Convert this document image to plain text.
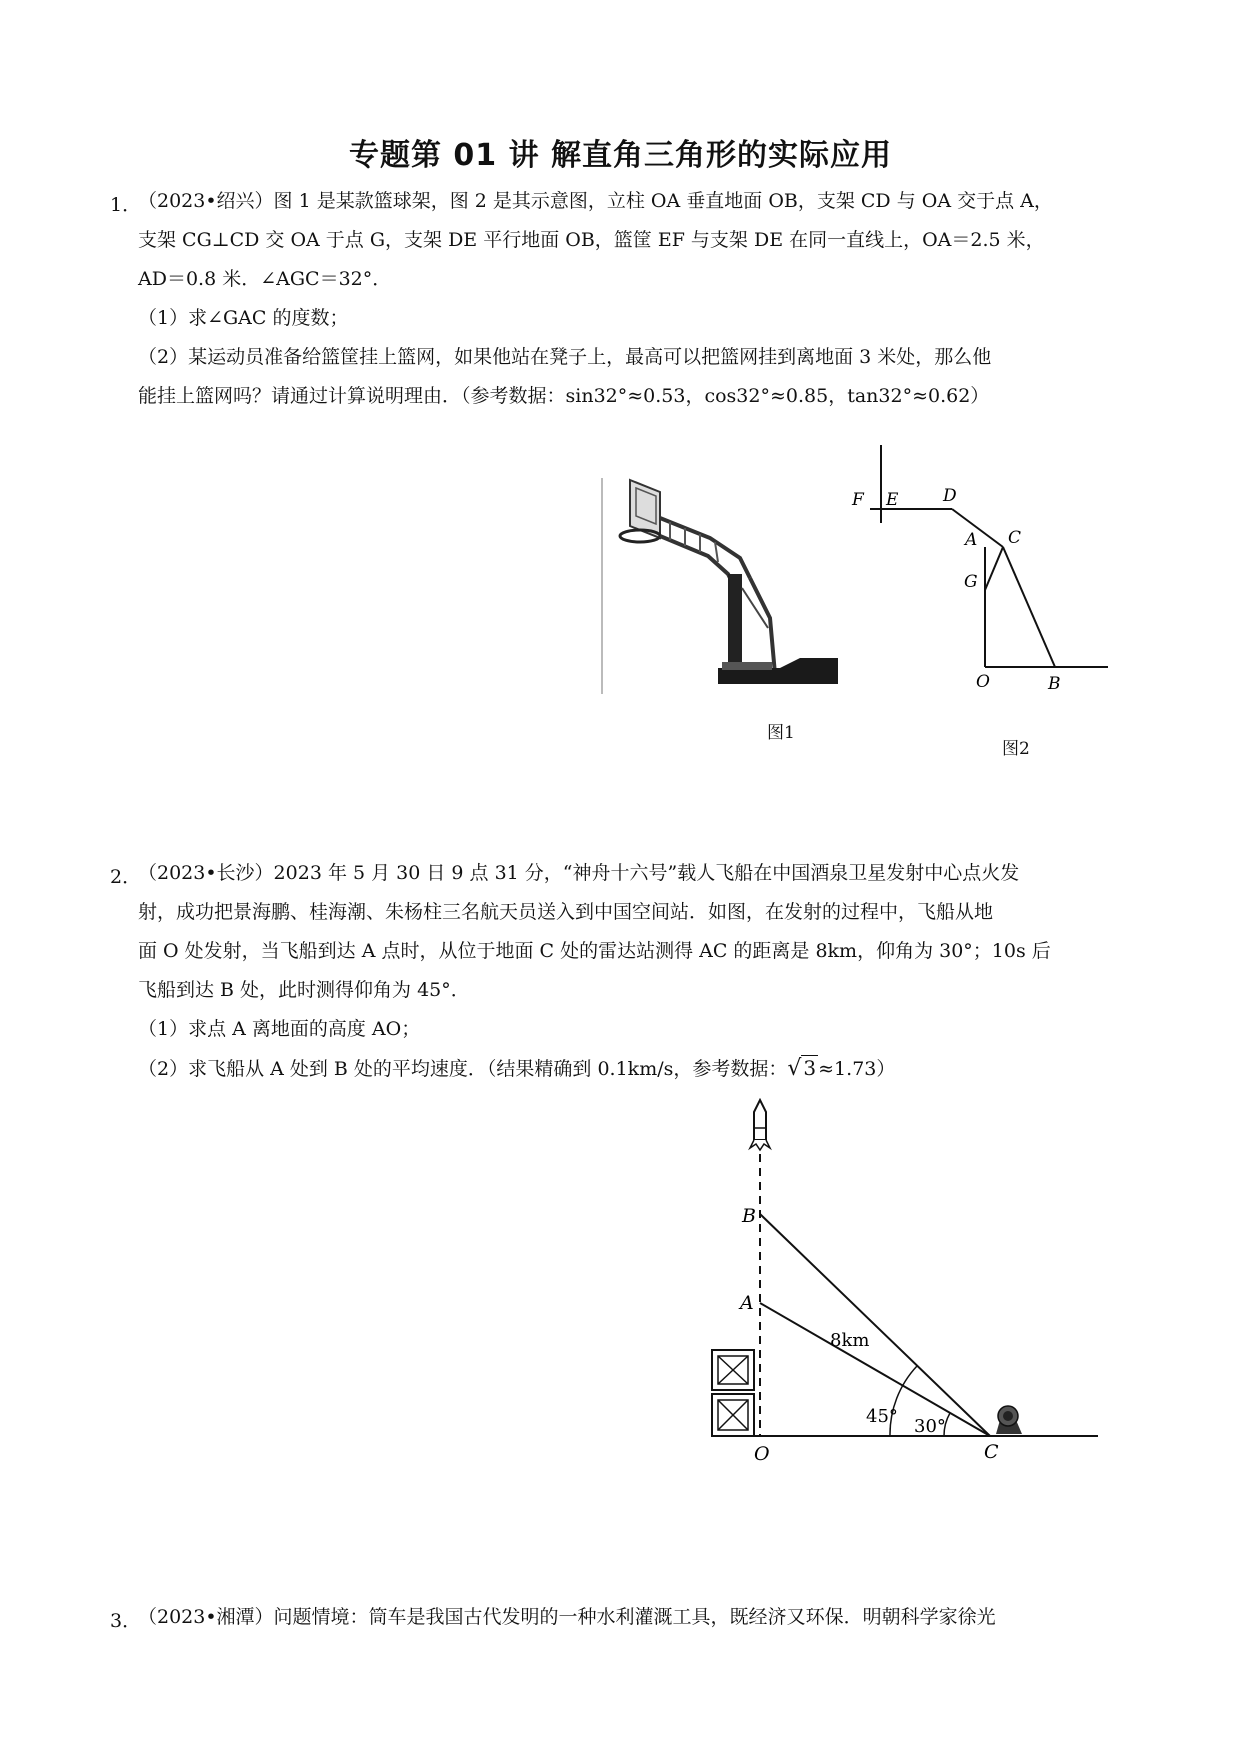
专题第 01 讲 解直角三角形的实际应用
1．
（2023•绍兴）图 1 是某款篮球架，图 2 是其示意图，立柱 OA 垂直地面 OB，支架 CD 与 OA 交于点 A，
支架 CG⊥CD 交 OA 于点 G，支架 DE 平行地面 OB，篮筐 EF 与支架 DE 在同一直线上，OA＝2.5 米，
AD＝0.8 米．∠AGC＝32°．
（1）求∠GAC 的度数；
（2）某运动员准备给篮筐挂上篮网，如果他站在凳子上，最高可以把篮网挂到离地面 3 米处，那么他
能挂上篮网吗？请通过计算说明理由．（参考数据：sin32°≈0.53，cos32°≈0.85，tan32°≈0.62）
图1
F E	D
A C
G
O	B
图2
2．
（2023•长沙）2023 年 5 月 30 日 9 点 31 分，“神舟十六号”载人飞船在中国酒泉卫星发射中心点火发
射，成功把景海鹏、桂海潮、朱杨柱三名航天员送入到中国空间站．如图，在发射的过程中，飞船从地
面 O 处发射，当飞船到达 A 点时，从位于地面 C 处的雷达站测得 AC 的距离是 8km，仰角为 30°；10s 后
飞船到达 B 处，此时测得仰角为 45°．
（1）求点 A 离地面的高度 AO；
（2）求飞船从 A 处到 B 处的平均速度．（结果精确到 0.1km/s，参考数据：√ 3 ≈1.73）
B
A
O	C
8km
45° 30°
3．
（2023•湘潭）问题情境：筒车是我国古代发明的一种水利灌溉工具，既经济又环保．明朝科学家徐光
